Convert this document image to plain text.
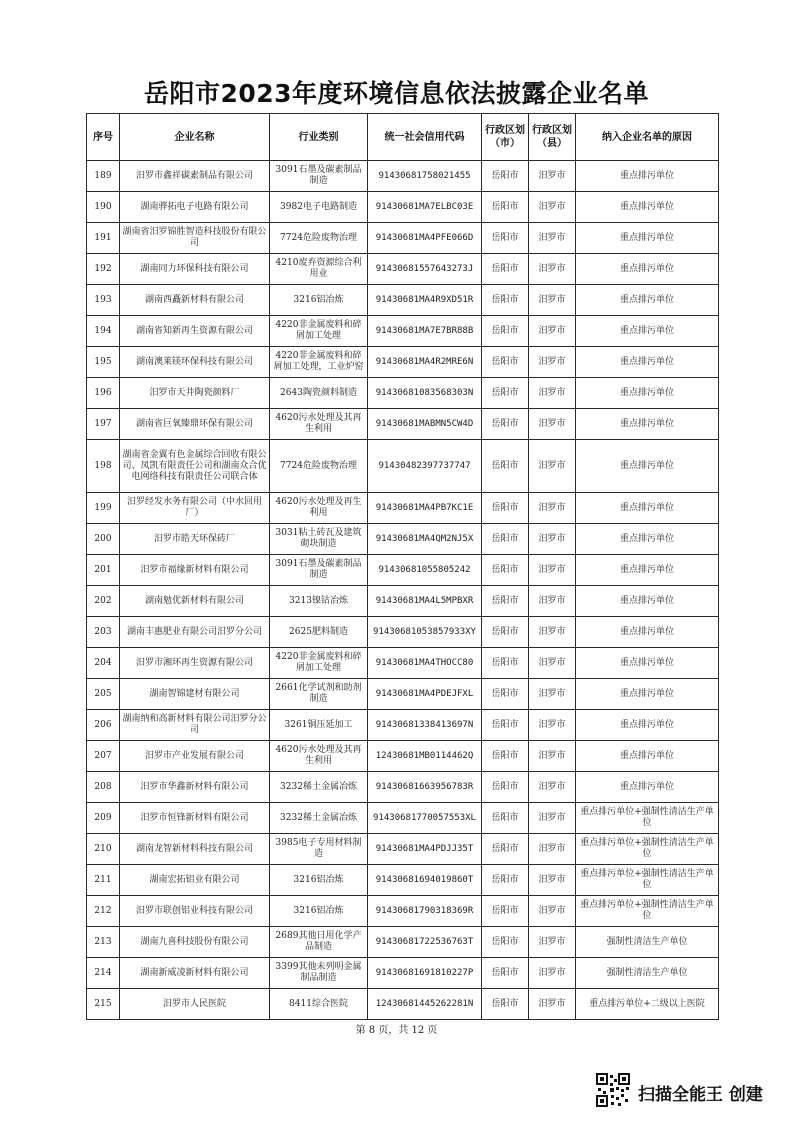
岳阳市2023年度环境信息依法披露企业名单
序号	企业名称	行业类别	统一社会信用代码	行政区划（市）	行政区划（县）	纳入企业名单的原因
189	汨罗市鑫祥碳素制品有限公司	3091石墨及碳素制品制造	91430681758021455	岳阳市	汨罗市	重点排污单位
190	湖南骅拓电子电路有限公司	3982电子电路制造	91430681MA7ELBC03E	岳阳市	汨罗市	重点排污单位
191	湖南省汨罗锦胜智造科技股份有限公司	7724危险废物治理	91430681MA4PFE066D	岳阳市	汨罗市	重点排污单位
192	湖南同力环保科技有限公司	4210废弃资源综合利用业	91430681557643273J	岳阳市	汨罗市	重点排污单位
193	湖南西矗新材料有限公司	3216铝冶炼	91430681MA4R9XD51R	岳阳市	汨罗市	重点排污单位
194	湖南省知新再生资源有限公司	4220非金属废料和碎屑加工处理	91430681MA7E7BR88B	岳阳市	汨罗市	重点排污单位
195	湖南澳莱镁环保科技有限公司	4220非金属废料和碎屑加工处理，工业炉窑	91430681MA4R2MRE6N	岳阳市	汨罗市	重点排污单位
196	汨罗市天井陶瓷颜料厂	2643陶瓷颜料制造	91430681083568303N	岳阳市	汨罗市	重点排污单位
197	湖南省巨氧臻鼎环保有限公司	4620污水处理及其再生利用	91430681MABMN5CW4D	岳阳市	汨罗市	重点排污单位
198	湖南省金翼有色金属综合回收有限公司、凤凯有限责任公司和湖南众合优电网络科技有限责任公司联合体	7724危险废物治理	91430482397737747	岳阳市	汨罗市	重点排污单位
199	汨罗经发水务有限公司（中水回用厂）	4620污水处理及再生利用	91430681MA4PB7KC1E	岳阳市	汨罗市	重点排污单位
200	汨罗市皓天环保砖厂	3031粘土砖瓦及建筑砌块制造	91430681MA4QM2NJ5X	岳阳市	汨罗市	重点排污单位
201	汨罗市福缘新材料有限公司	3091石墨及碳素制品制造	91430681055805242	岳阳市	汨罗市	重点排污单位
202	湖南勉优新材料有限公司	3213镍钴冶炼	91430681MA4L5MPBXR	岳阳市	汨罗市	重点排污单位
203	湖南丰惠肥业有限公司汨罗分公司	2625肥料制造	91430681053857933XY	岳阳市	汨罗市	重点排污单位
204	汨罗市湘环再生资源有限公司	4220非金属废料和碎屑加工处理	91430681MA4THOCC80	岳阳市	汨罗市	重点排污单位
205	湖南智锦建材有限公司	2661化学试剂和助剂制造	91430681MA4PDEJFXL	岳阳市	汨罗市	重点排污单位
206	湖南纳和高新材料有限公司汨罗分公司	3261铜压延加工	91430681338413697N	岳阳市	汨罗市	重点排污单位
207	汨罗市产业发展有限公司	4620污水处理及其再生利用	12430681MB0114462Q	岳阳市	汨罗市	重点排污单位
208	汨罗市华鑫新材料有限公司	3232稀土金属冶炼	91430681663956783R	岳阳市	汨罗市	重点排污单位
209	汨罗市恒锋新材料有限公司	3232稀土金属冶炼	91430681770057553XL	岳阳市	汨罗市	重点排污单位+强制性清洁生产单位
210	湖南龙智新材料科技有限公司	3985电子专用材料制造	91430681MA4PDJJ35T	岳阳市	汨罗市	重点排污单位+强制性清洁生产单位
211	湖南宏拓铝业有限公司	3216铝冶炼	91430681694019860T	岳阳市	汨罗市	重点排污单位+强制性清洁生产单位
212	汨罗市联创铝业科技有限公司	3216铝冶炼	91430681790318369R	岳阳市	汨罗市	重点排污单位+强制性清洁生产单位
213	湖南九喜科技股份有限公司	2689其他日用化学产品制造	91430681722536763T	岳阳市	汨罗市	强制性清洁生产单位
214	湖南新威凌新材料有限公司	3399其他未列明金属制品制造	91430681691810227P	岳阳市	汨罗市	强制性清洁生产单位
215	汨罗市人民医院	8411综合医院	12430681445262281N	岳阳市	汨罗市	重点排污单位+二级以上医院
第 8 页，共 12 页
扫描全能王 创建
